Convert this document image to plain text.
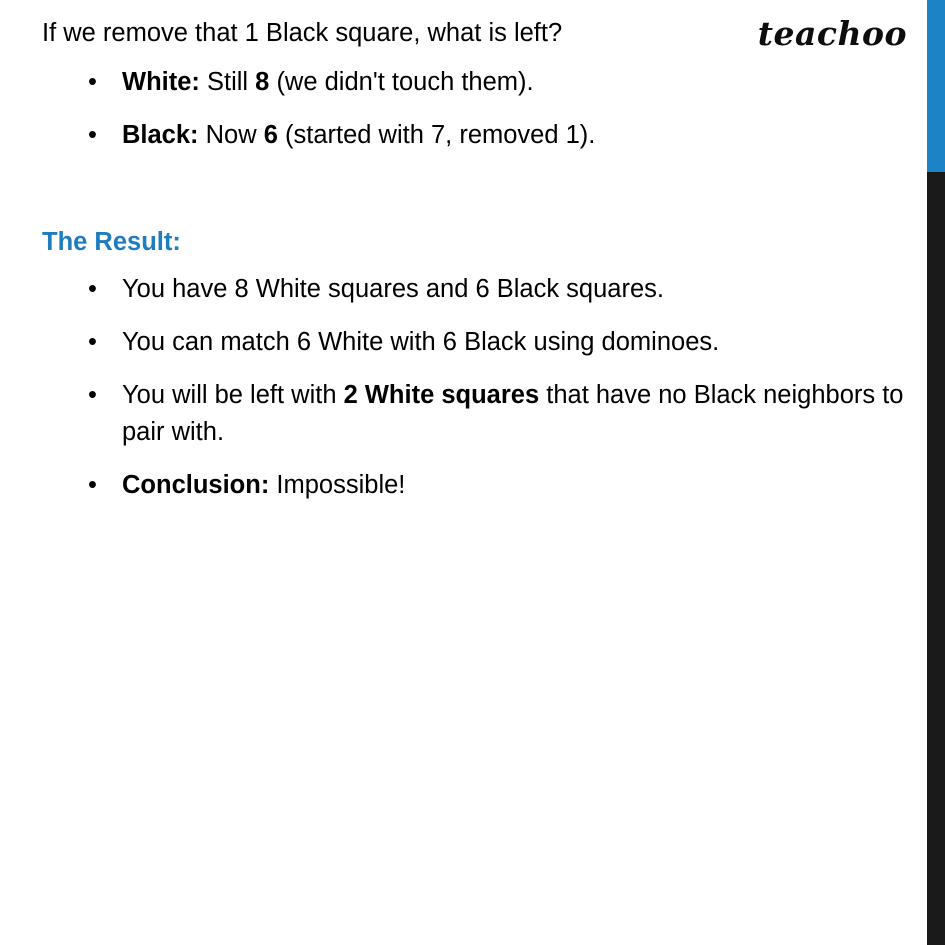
teachoo

If we remove that 1 Black square, what is left?

• White: Still 8 (we didn't touch them).
• Black: Now 6 (started with 7, removed 1).
The Result:
• You have 8 White squares and 6 Black squares.
• You can match 6 White with 6 Black using dominoes.
• You will be left with 2 White squares that have no Black neighbors to pair with.
• Conclusion: Impossible!
